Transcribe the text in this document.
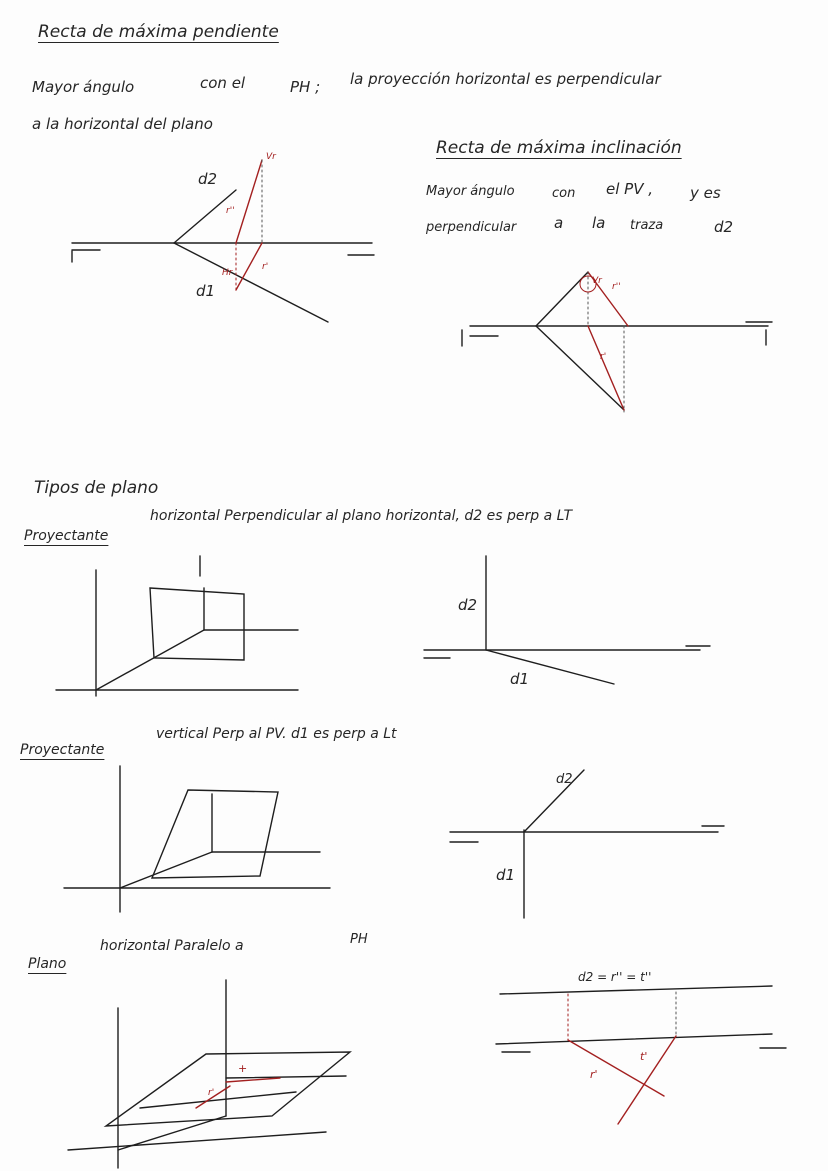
Recta de máxima pendiente
Mayor ángulo	con el	PH ; la proyección horizontal es perpendicular
a la horizontal del plano
d2
d1
Vr
r''
r'
Hr
Recta de máxima inclinación
Mayor ángulo	con el PV , y es
perpendicular	a la traza	d2
Vr
r''
r'
Tipos de plano
Proyectante
horizontal Perpendicular al plano horizontal, d2 es perp a LT
d2
d1
Proyectante
vertical Perp al PV. d1 es perp a Lt
d2
d1
Plano
horizontal Paralelo a	PH
d2 = r'' = t''
r'
t'
+
r'
